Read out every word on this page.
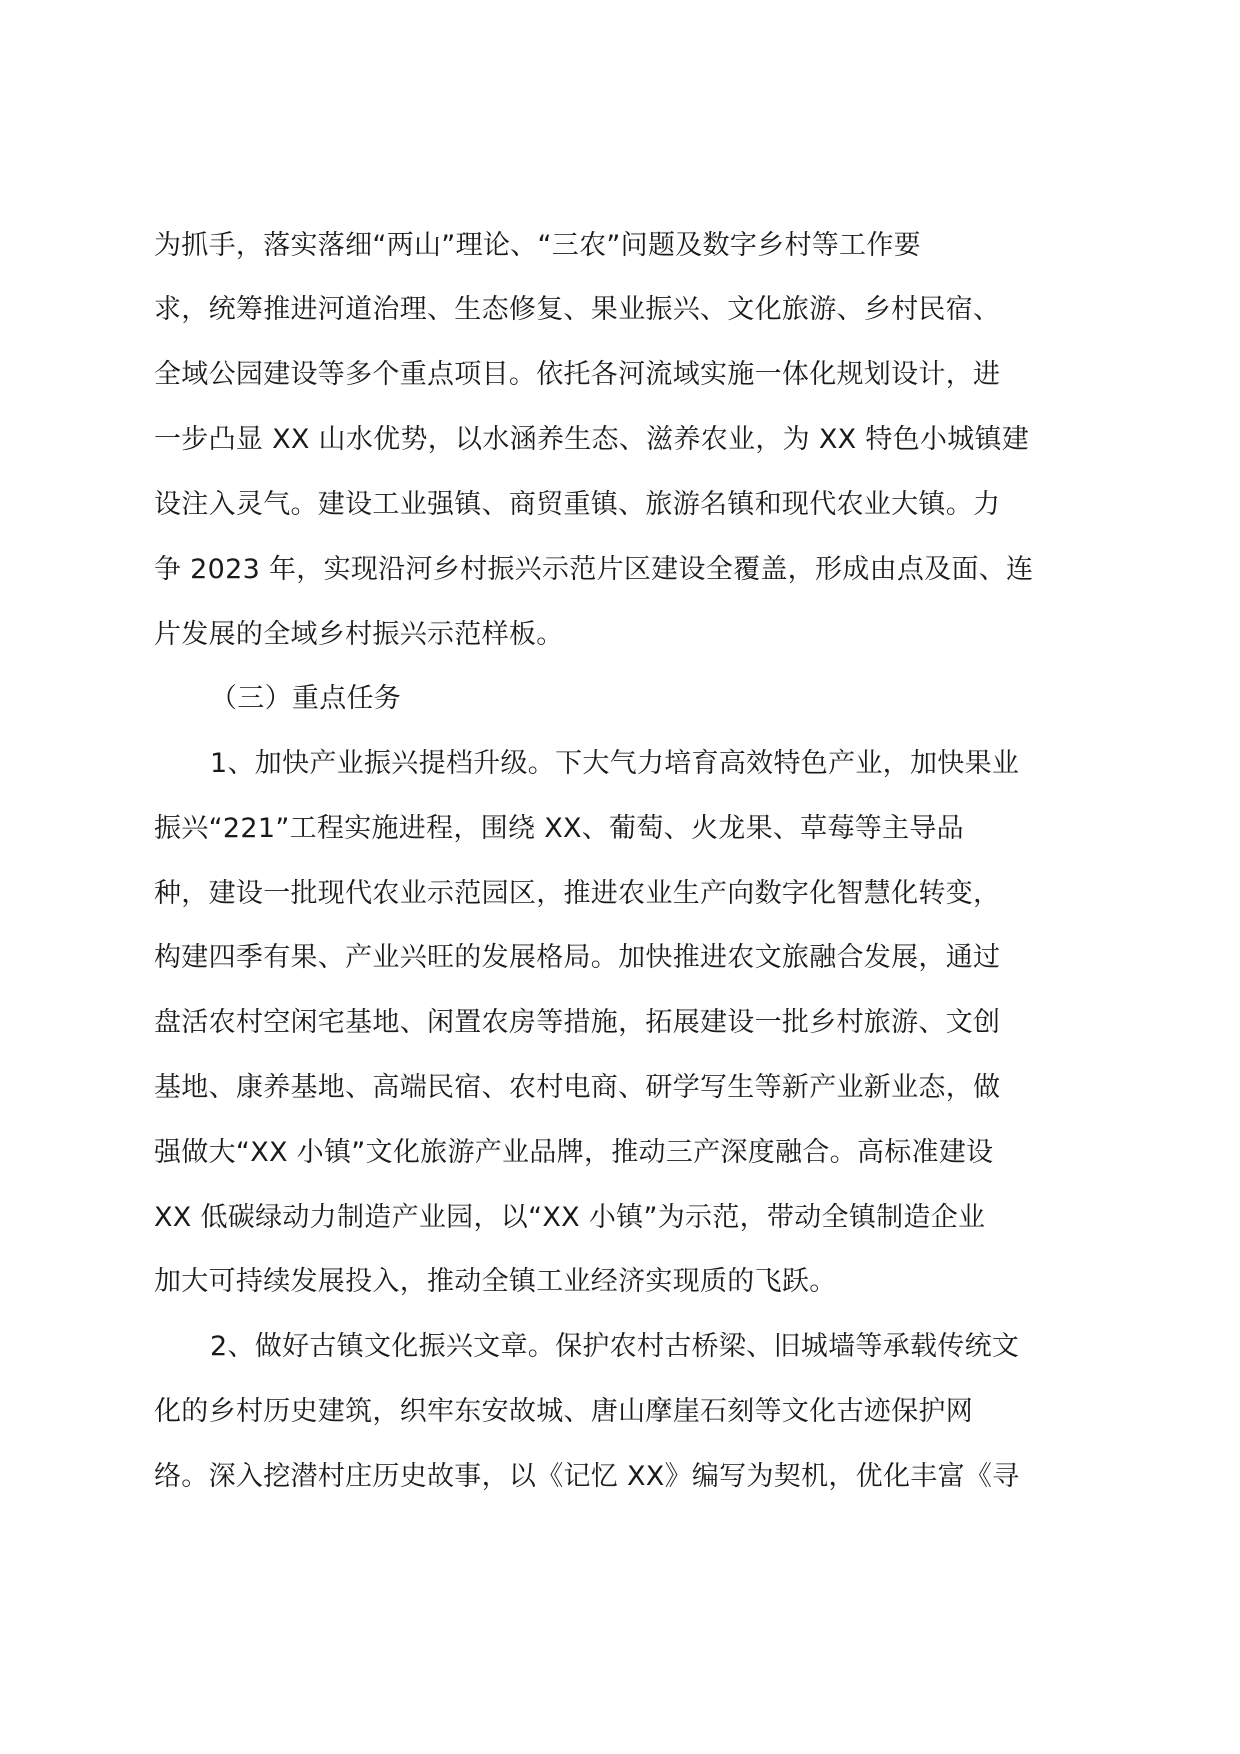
为抓手，落实落细“两山”理论、“三农”问题及数字乡村等工作要
求，统筹推进河道治理、生态修复、果业振兴、文化旅游、乡村民宿、
全域公园建设等多个重点项目。依托各河流域实施一体化规划设计，进
一步凸显 XX 山水优势，以水涵养生态、滋养农业，为 XX 特色小城镇建
设注入灵气。建设工业强镇、商贸重镇、旅游名镇和现代农业大镇。力
争 2023 年，实现沿河乡村振兴示范片区建设全覆盖，形成由点及面、连
片发展的全域乡村振兴示范样板。
（三）重点任务
1、加快产业振兴提档升级。下大气力培育高效特色产业，加快果业
振兴“221”工程实施进程，围绕 XX、葡萄、火龙果、草莓等主导品
种，建设一批现代农业示范园区，推进农业生产向数字化智慧化转变，
构建四季有果、产业兴旺的发展格局。加快推进农文旅融合发展，通过
盘活农村空闲宅基地、闲置农房等措施，拓展建设一批乡村旅游、文创
基地、康养基地、高端民宿、农村电商、研学写生等新产业新业态，做
强做大“XX 小镇”文化旅游产业品牌，推动三产深度融合。高标准建设
XX 低碳绿动力制造产业园，以“XX 小镇”为示范，带动全镇制造企业
加大可持续发展投入，推动全镇工业经济实现质的飞跃。
2、做好古镇文化振兴文章。保护农村古桥梁、旧城墙等承载传统文
化的乡村历史建筑，织牢东安故城、唐山摩崖石刻等文化古迹保护网
络。深入挖潜村庄历史故事，以《记忆 XX》编写为契机，优化丰富《寻
